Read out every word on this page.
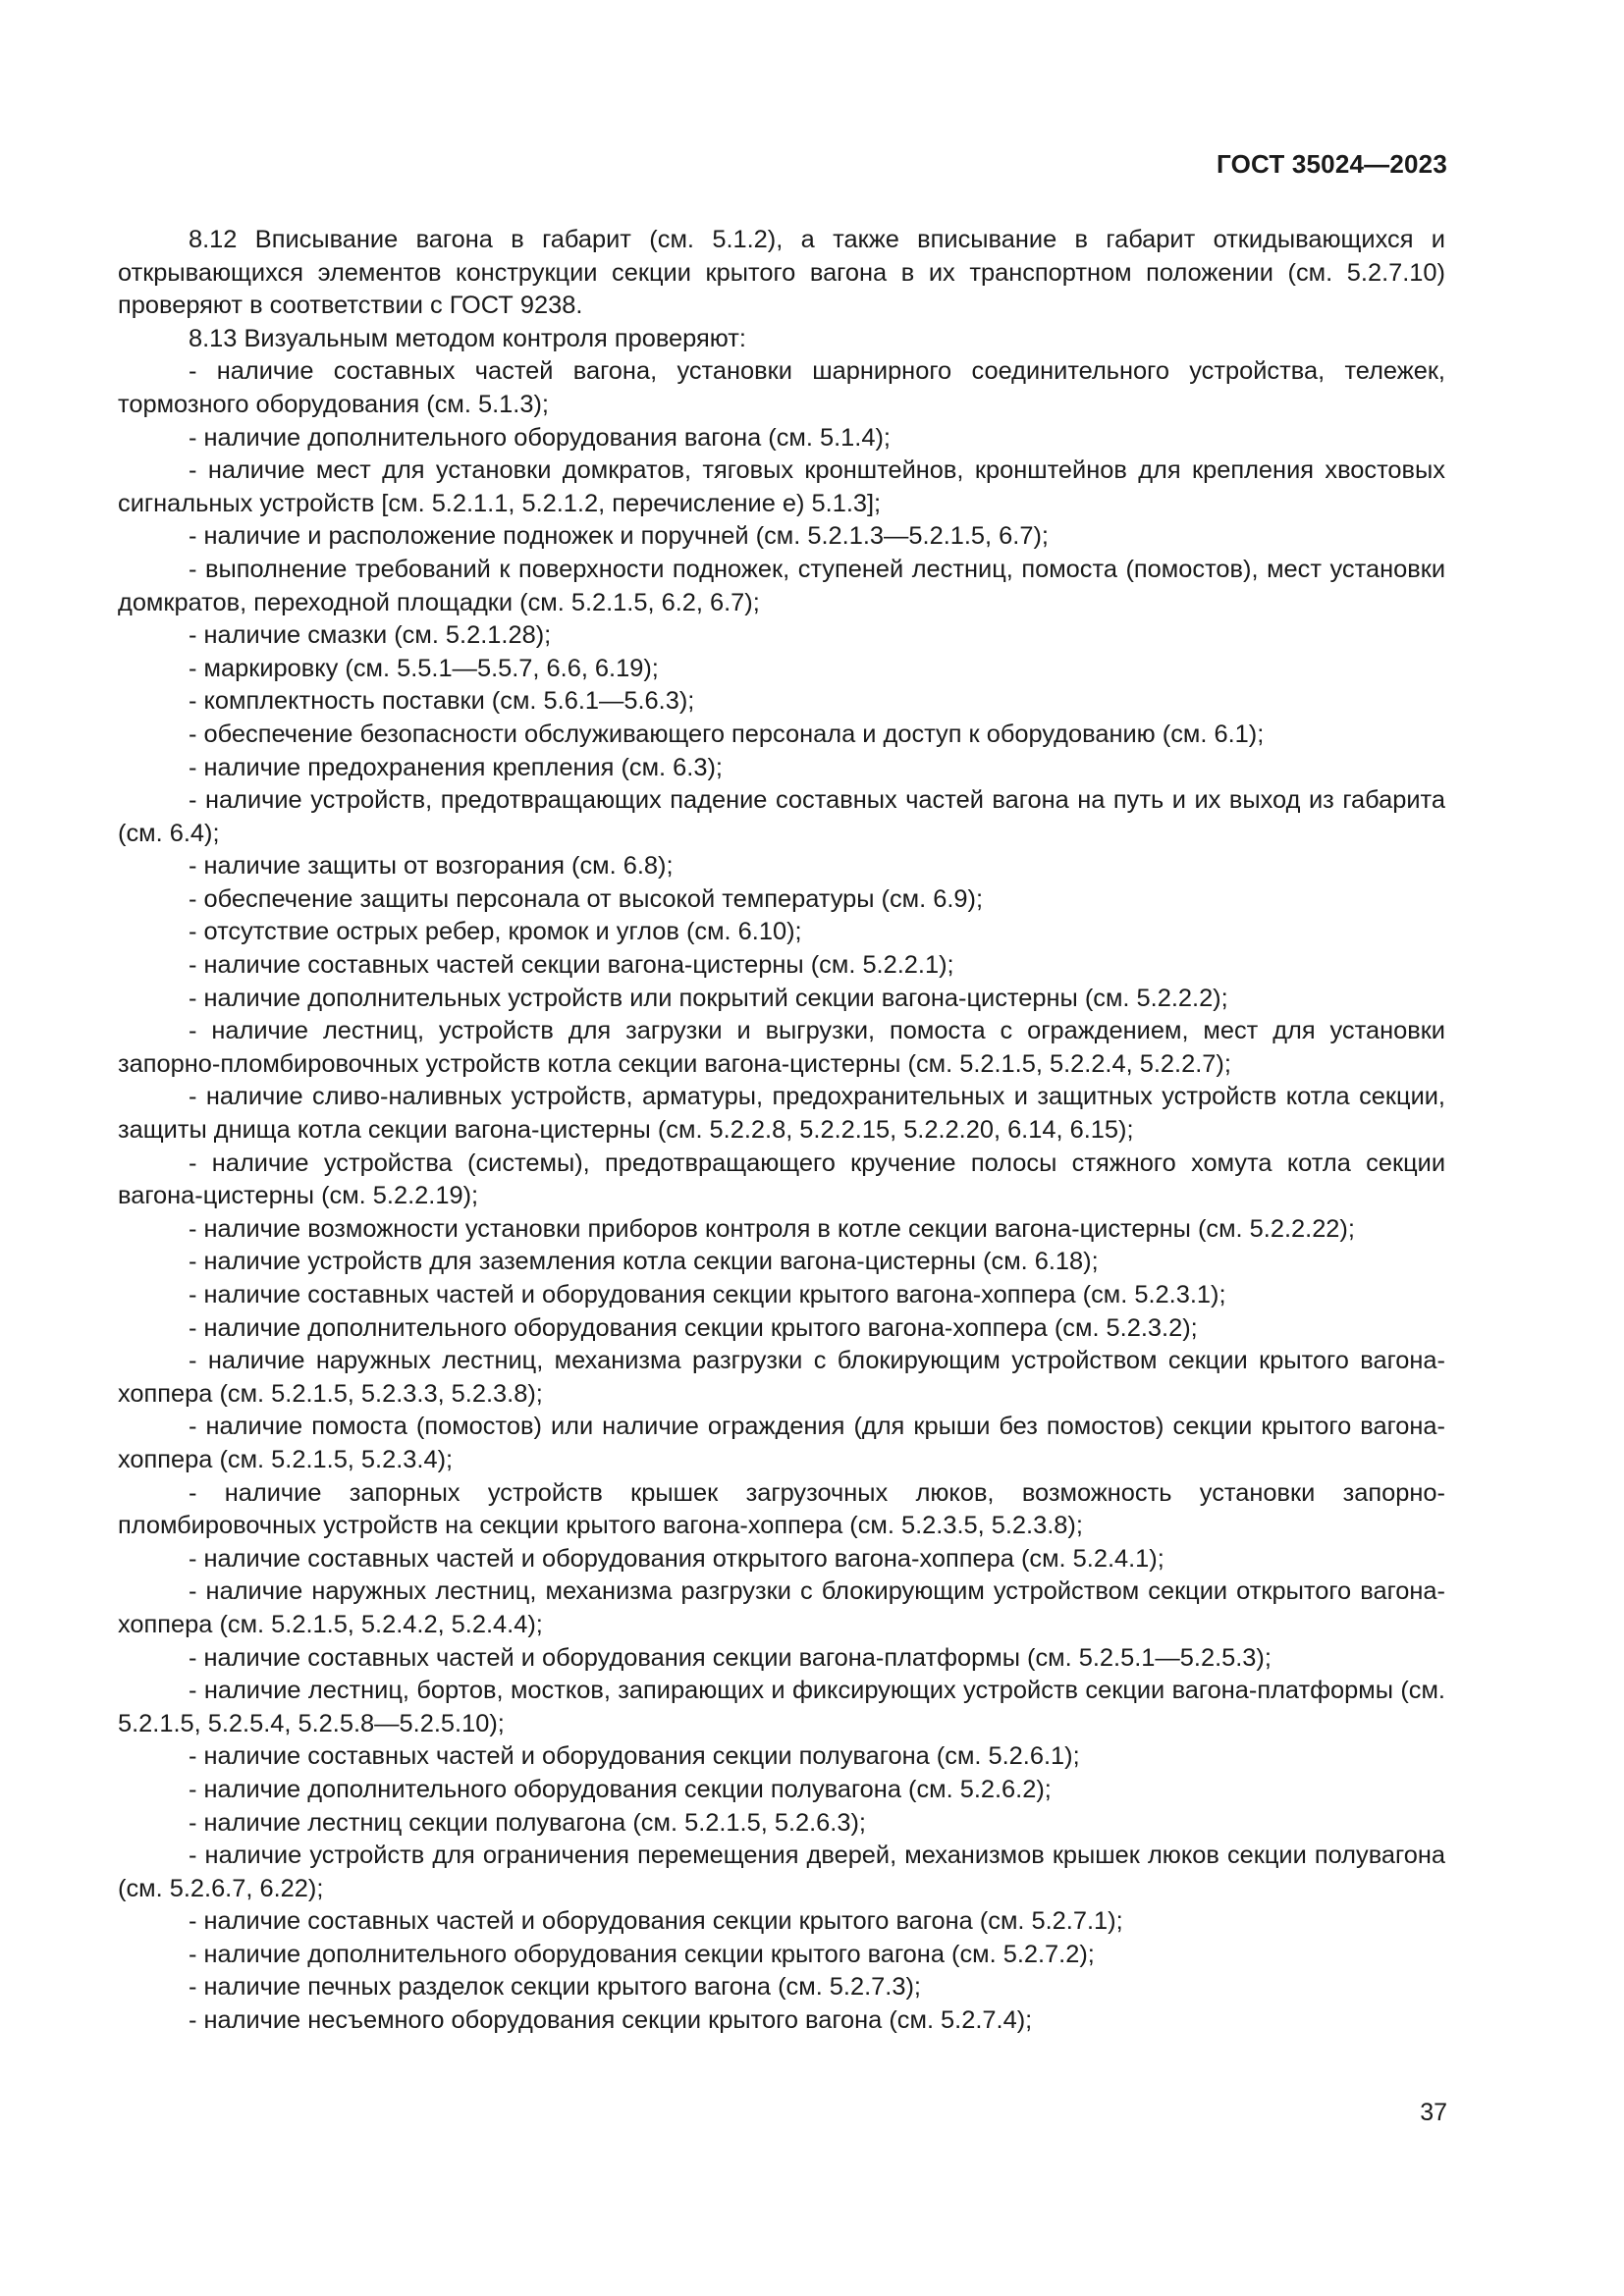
ГОСТ 35024—2023

8.12 Вписывание вагона в габарит (см. 5.1.2), а также вписывание в габарит откидывающихся и открывающихся элементов конструкции секции крытого вагона в их транспортном положении (см. 5.2.7.10) проверяют в соответствии с ГОСТ 9238.

8.13 Визуальным методом контроля проверяют:

- наличие составных частей вагона, установки шарнирного соединительного устройства, тележек, тормозного оборудования (см. 5.1.3);

- наличие дополнительного оборудования вагона (см. 5.1.4);

- наличие мест для установки домкратов, тяговых кронштейнов, кронштейнов для крепления хвостовых сигнальных устройств [см. 5.2.1.1, 5.2.1.2, перечисление е) 5.1.3];

- наличие и расположение подножек и поручней (см. 5.2.1.3—5.2.1.5, 6.7);

- выполнение требований к поверхности подножек, ступеней лестниц, помоста (помостов), мест установки домкратов, переходной площадки (см. 5.2.1.5, 6.2, 6.7);

- наличие смазки (см. 5.2.1.28);

- маркировку (см. 5.5.1—5.5.7, 6.6, 6.19);

- комплектность поставки (см. 5.6.1—5.6.3);

- обеспечение безопасности обслуживающего персонала и доступ к оборудованию (см. 6.1);

- наличие предохранения крепления (см. 6.3);

- наличие устройств, предотвращающих падение составных частей вагона на путь и их выход из габарита (см. 6.4);

- наличие защиты от возгорания (см. 6.8);

- обеспечение защиты персонала от высокой температуры (см. 6.9);

- отсутствие острых ребер, кромок и углов (см. 6.10);

- наличие составных частей секции вагона-цистерны (см. 5.2.2.1);

- наличие дополнительных устройств или покрытий секции вагона-цистерны (см. 5.2.2.2);

- наличие лестниц, устройств для загрузки и выгрузки, помоста с ограждением, мест для установки запорно-пломбировочных устройств котла секции вагона-цистерны (см. 5.2.1.5, 5.2.2.4, 5.2.2.7);

- наличие сливо-наливных устройств, арматуры, предохранительных и защитных устройств котла секции, защиты днища котла секции вагона-цистерны (см. 5.2.2.8, 5.2.2.15, 5.2.2.20, 6.14, 6.15);

- наличие устройства (системы), предотвращающего кручение полосы стяжного хомута котла секции вагона-цистерны (см. 5.2.2.19);

- наличие возможности установки приборов контроля в котле секции вагона-цистерны (см. 5.2.2.22);

- наличие устройств для заземления котла секции вагона-цистерны (см. 6.18);

- наличие составных частей и оборудования секции крытого вагона-хоппера (см. 5.2.3.1);

- наличие дополнительного оборудования секции крытого вагона-хоппера (см. 5.2.3.2);

- наличие наружных лестниц, механизма разгрузки с блокирующим устройством секции крытого вагона-хоппера (см. 5.2.1.5, 5.2.3.3, 5.2.3.8);

- наличие помоста (помостов) или наличие ограждения (для крыши без помостов) секции крытого вагона-хоппера (см. 5.2.1.5, 5.2.3.4);

- наличие запорных устройств крышек загрузочных люков, возможность установки запорно-пломбировочных устройств на секции крытого вагона-хоппера (см. 5.2.3.5, 5.2.3.8);

- наличие составных частей и оборудования открытого вагона-хоппера (см. 5.2.4.1);

- наличие наружных лестниц, механизма разгрузки с блокирующим устройством секции открытого вагона-хоппера (см. 5.2.1.5, 5.2.4.2, 5.2.4.4);

- наличие составных частей и оборудования секции вагона-платформы (см. 5.2.5.1—5.2.5.3);

- наличие лестниц, бортов, мостков, запирающих и фиксирующих устройств секции вагона-платформы (см. 5.2.1.5, 5.2.5.4, 5.2.5.8—5.2.5.10);

- наличие составных частей и оборудования секции полувагона (см. 5.2.6.1);

- наличие дополнительного оборудования секции полувагона (см. 5.2.6.2);

- наличие лестниц секции полувагона (см. 5.2.1.5, 5.2.6.3);

- наличие устройств для ограничения перемещения дверей, механизмов крышек люков секции полувагона (см. 5.2.6.7, 6.22);

- наличие составных частей и оборудования секции крытого вагона (см. 5.2.7.1);

- наличие дополнительного оборудования секции крытого вагона (см. 5.2.7.2);

- наличие печных разделок секции крытого вагона (см. 5.2.7.3);

- наличие несъемного оборудования секции крытого вагона (см. 5.2.7.4);

37
